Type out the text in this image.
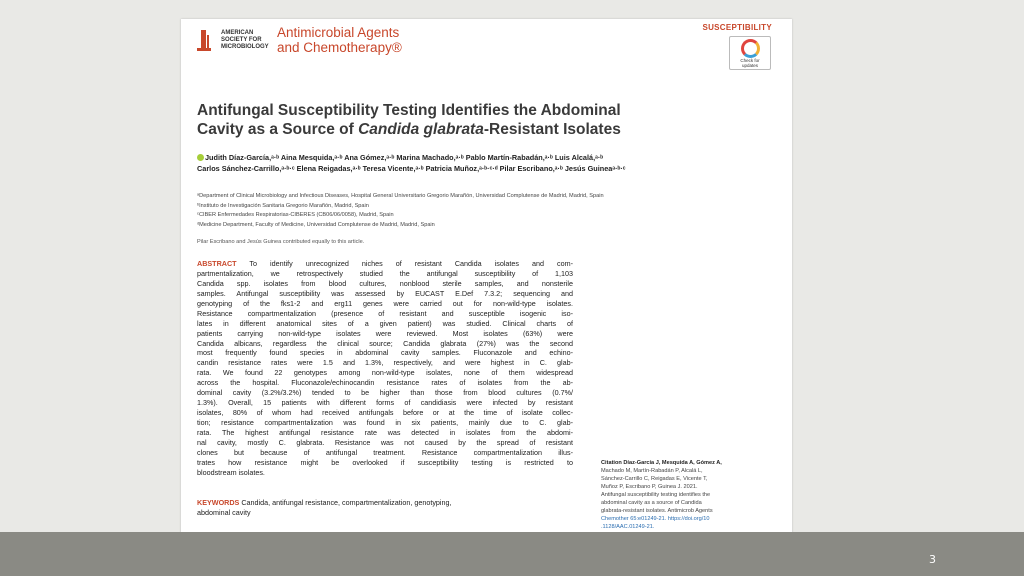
AMERICAN
SOCIETY FOR
MICROBIOLOGY
Antimicrobial Agents
and Chemotherapy®
SUSCEPTIBILITY
Check for
updates
Antifungal Susceptibility Testing Identifies the Abdominal
Cavity as a Source of Candida glabrata-Resistant Isolates
Judith Díaz-García,ᵃ·ᵇ Aina Mesquida,ᵃ·ᵇ Ana Gómez,ᵃ·ᵇ Marina Machado,ᵃ·ᵇ Pablo Martín-Rabadán,ᵃ·ᵇ Luis Alcalá,ᵃ·ᵇ
Carlos Sánchez-Carrillo,ᵃ·ᵇ·ᶜ Elena Reigadas,ᵃ·ᵇ Teresa Vicente,ᵃ·ᵇ Patricia Muñoz,ᵃ·ᵇ·ᶜ·ᵈ Pilar Escribano,ᵃ·ᵇ Jesús Guineaᵃ·ᵇ·ᶜ
ᵃDepartment of Clinical Microbiology and Infectious Diseases, Hospital General Universitario Gregorio Marañón, Universidad Complutense de Madrid, Madrid, Spain
ᵇInstituto de Investigación Sanitaria Gregorio Marañón, Madrid, Spain
ᶜCIBER Enfermedades Respiratorias-CIBERES (CB06/06/0058), Madrid, Spain
ᵈMedicine Department, Faculty of Medicine, Universidad Complutense de Madrid, Madrid, Spain
Pilar Escribano and Jesús Guinea contributed equally to this article.
ABSTRACT To identify unrecognized niches of resistant Candida isolates and com-
partmentalization, we retrospectively studied the antifungal susceptibility of 1,103
Candida spp. isolates from blood cultures, nonblood sterile samples, and nonsterile
samples. Antifungal susceptibility was assessed by EUCAST E.Def 7.3.2; sequencing and
genotyping of the fks1-2 and erg11 genes were carried out for non-wild-type isolates.
Resistance compartmentalization (presence of resistant and susceptible isogenic iso-
lates in different anatomical sites of a given patient) was studied. Clinical charts of
patients carrying non-wild-type isolates were reviewed. Most isolates (63%) were
Candida albicans, regardless the clinical source; Candida glabrata (27%) was the second
most frequently found species in abdominal cavity samples. Fluconazole and echino-
candin resistance rates were 1.5 and 1.3%, respectively, and were highest in C. glab-
rata. We found 22 genotypes among non-wild-type isolates, none of them widespread
across the hospital. Fluconazole/echinocandin resistance rates of isolates from the ab-
dominal cavity (3.2%/3.2%) tended to be higher than those from blood cultures (0.7%/
1.3%). Overall, 15 patients with different forms of candidiasis were infected by resistant
isolates, 80% of whom had received antifungals before or at the time of isolate collec-
tion; resistance compartmentalization was found in six patients, mainly due to C. glab-
rata. The highest antifungal resistance rate was detected in isolates from the abdomi-
nal cavity, mostly C. glabrata. Resistance was not caused by the spread of resistant
clones but because of antifungal treatment. Resistance compartmentalization illus-
trates how resistance might be overlooked if susceptibility testing is restricted to
bloodstream isolates.
KEYWORDS Candida, antifungal resistance, compartmentalization, genotyping,
abdominal cavity
Citation Díaz-García J, Mesquida A, Gómez A,
Machado M, Martín-Rabadán P, Alcalá L,
Sánchez-Carrillo C, Reigadas E, Vicente T,
Muñoz P, Escribano P, Guinea J. 2021.
Antifungal susceptibility testing identifies the
abdominal cavity as a source of Candida
glabrata-resistant isolates. Antimicrob Agents
Chemother 65:e01249-21. https://doi.org/10
.1128/AAC.01249-21.
3
